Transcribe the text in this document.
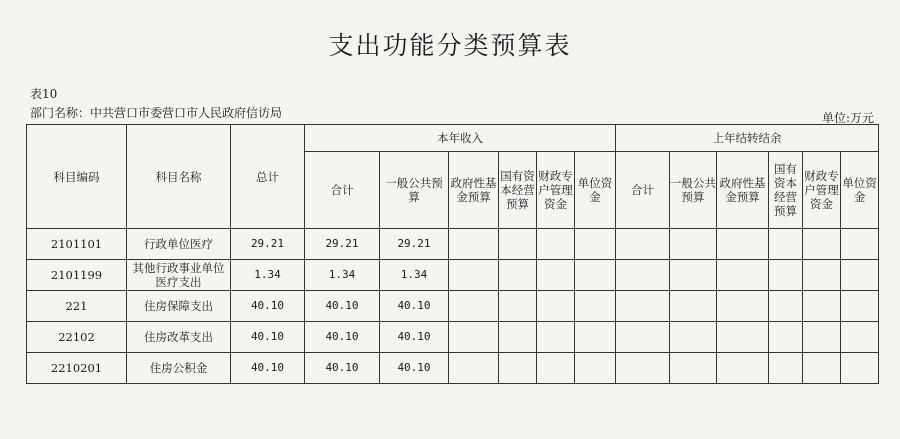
支出功能分类预算表
表10
部门名称：中共营口市委营口市人民政府信访局	单位:万元
科目编码	科目名称	总计	本年收入						上年结转结余					
			合计	一般公共预算	政府性基金预算	国有资本经营预算	财政专户管理资金	单位资金	合计	一般公共预算	政府性基金预算	国有资本经营预算	财政专户管理资金	单位资金
2101101	行政单位医疗	29.21	29.21	29.21										
2101199	其他行政事业单位医疗支出	1.34	1.34	1.34										
221	住房保障支出	40.10	40.10	40.10										
22102	住房改革支出	40.10	40.10	40.10										
2210201	住房公积金	40.10	40.10	40.10										
